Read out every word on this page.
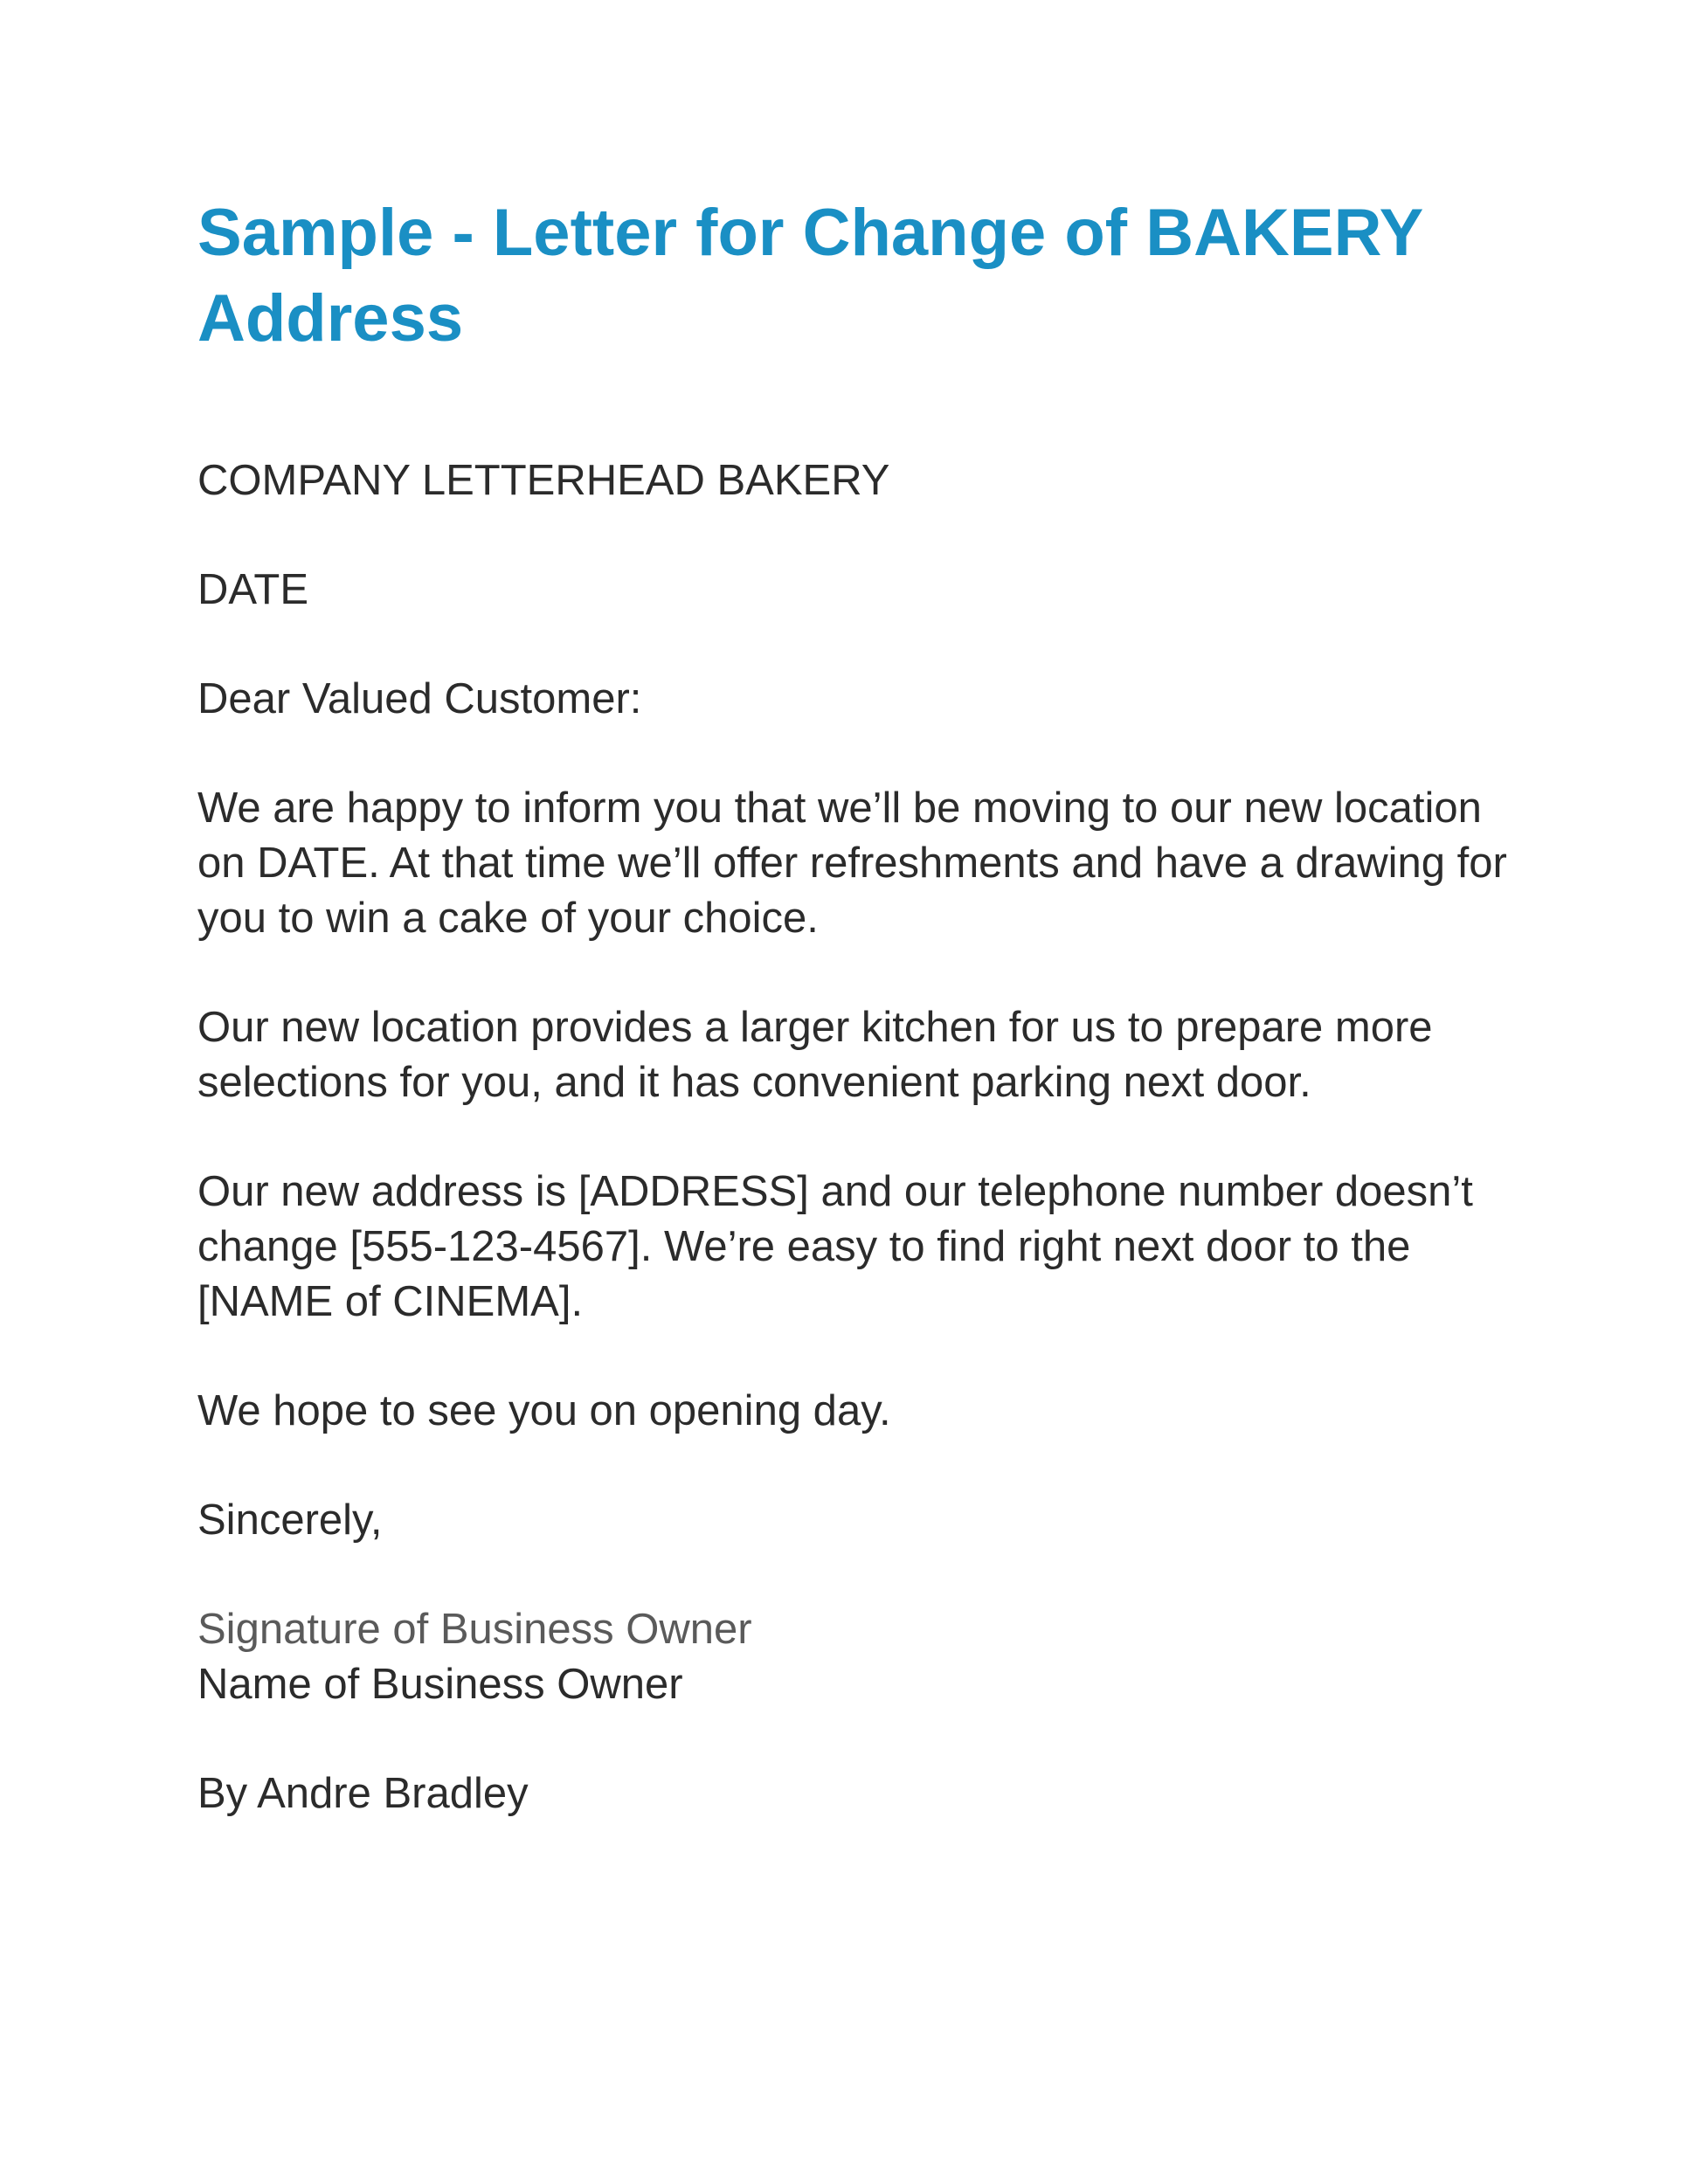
Sample - Letter for Change of BAKERY Address

COMPANY LETTERHEAD BAKERY

DATE

Dear Valued Customer:

We are happy to inform you that we’ll be moving to our new location on DATE. At that time we’ll offer refreshments and have a drawing for you to win a cake of your choice.

Our new location provides a larger kitchen for us to prepare more selections for you, and it has convenient parking next door.

Our new address is [ADDRESS] and our telephone number doesn’t change [555-123-4567]. We’re easy to find right next door to the [NAME of CINEMA].

We hope to see you on opening day.

Sincerely,

Signature of Business Owner

Name of Business Owner

By Andre Bradley
